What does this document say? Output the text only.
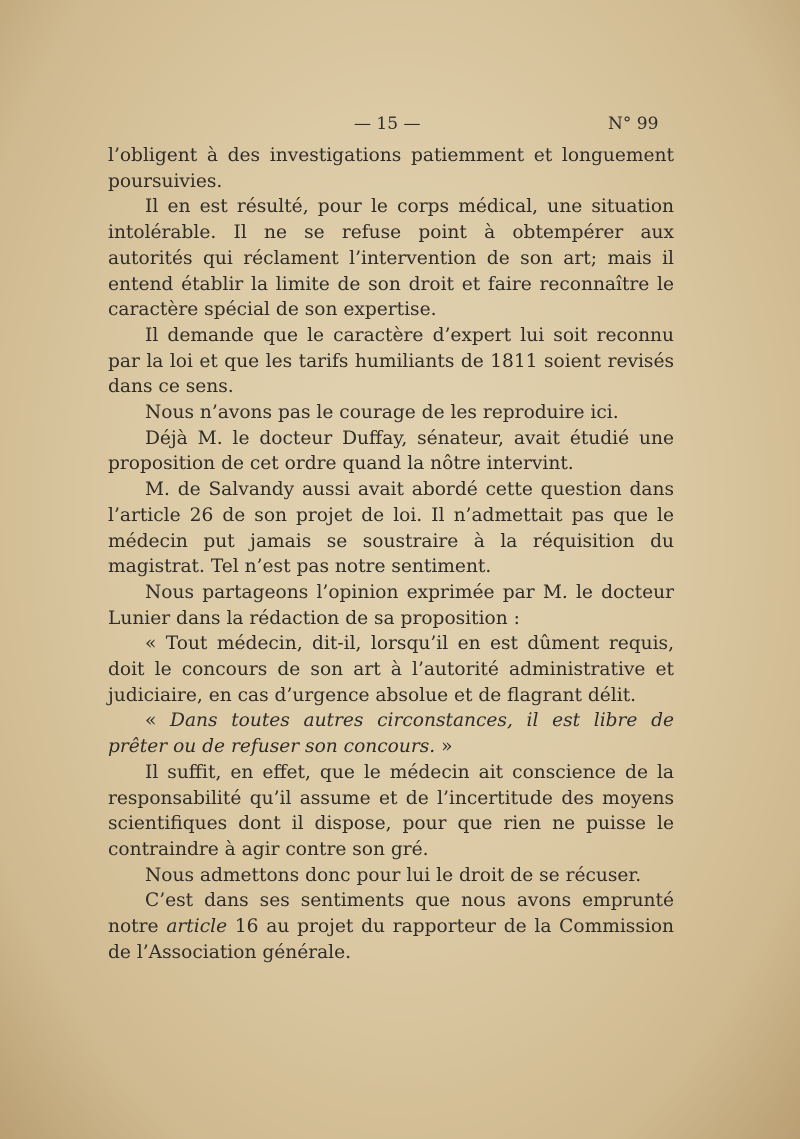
— 15 —	N° 99

l’obligent à des investigations patiemment et longuement poursuivies.

Il en est résulté, pour le corps médical, une situation intolérable. Il ne se refuse point à obtempérer aux autorités qui réclament l’intervention de son art; mais il entend établir la limite de son droit et faire reconnaître le caractère spécial de son expertise.

Il demande que le caractère d’expert lui soit reconnu par la loi et que les tarifs humiliants de 1811 soient revisés dans ce sens.

Nous n’avons pas le courage de les reproduire ici.

Déjà M. le docteur Duffay, sénateur, avait étudié une proposition de cet ordre quand la nôtre intervint.

M. de Salvandy aussi avait abordé cette question dans l’article 26 de son projet de loi. Il n’admettait pas que le médecin put jamais se soustraire à la réquisition du magistrat. Tel n’est pas notre sentiment.

Nous partageons l’opinion exprimée par M. le docteur Lunier dans la rédaction de sa proposition :

« Tout médecin, dit-il, lorsqu’il en est dûment requis, doit le concours de son art à l’autorité administrative et judiciaire, en cas d’urgence absolue et de flagrant délit.

« Dans toutes autres circonstances, il est libre de prêter ou de refuser son concours. »

Il suffit, en effet, que le médecin ait conscience de la responsabilité qu’il assume et de l’incertitude des moyens scientifiques dont il dispose, pour que rien ne puisse le contraindre à agir contre son gré.

Nous admettons donc pour lui le droit de se récuser.

C’est dans ses sentiments que nous avons emprunté notre article 16 au projet du rapporteur de la Commission de l’Association générale.
